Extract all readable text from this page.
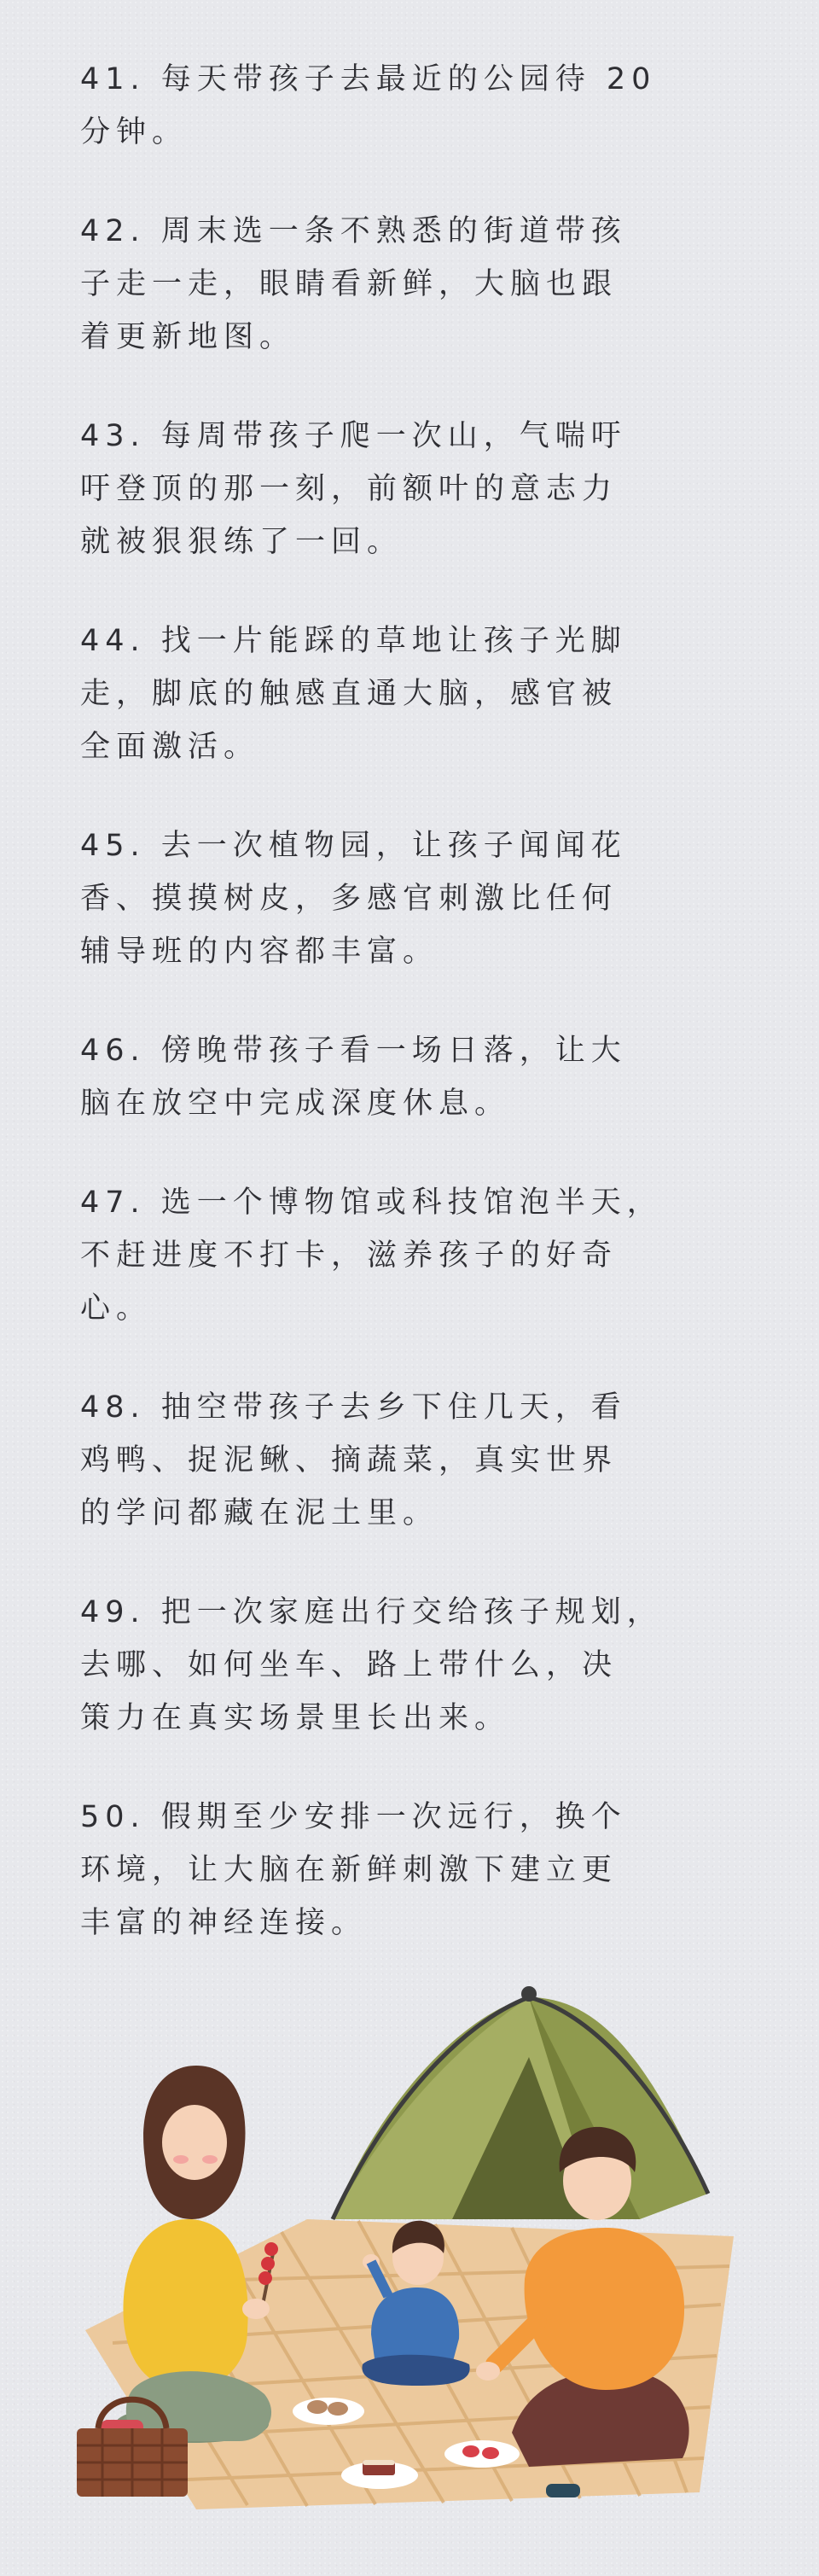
41. 每天带孩子去最近的公园待 20
分钟。

42. 周末选一条不熟悉的街道带孩
子走一走，眼睛看新鲜，大脑也跟
着更新地图。

43. 每周带孩子爬一次山，气喘吁
吁登顶的那一刻，前额叶的意志力
就被狠狠练了一回。

44. 找一片能踩的草地让孩子光脚
走，脚底的触感直通大脑，感官被
全面激活。

45. 去一次植物园，让孩子闻闻花
香、摸摸树皮，多感官刺激比任何
辅导班的内容都丰富。

46. 傍晚带孩子看一场日落，让大
脑在放空中完成深度休息。

47. 选一个博物馆或科技馆泡半天，
不赶进度不打卡，滋养孩子的好奇
心。

48. 抽空带孩子去乡下住几天，看
鸡鸭、捉泥鳅、摘蔬菜，真实世界
的学问都藏在泥土里。

49. 把一次家庭出行交给孩子规划，
去哪、如何坐车、路上带什么，决
策力在真实场景里长出来。

50. 假期至少安排一次远行，换个
环境，让大脑在新鲜刺激下建立更
丰富的神经连接。
